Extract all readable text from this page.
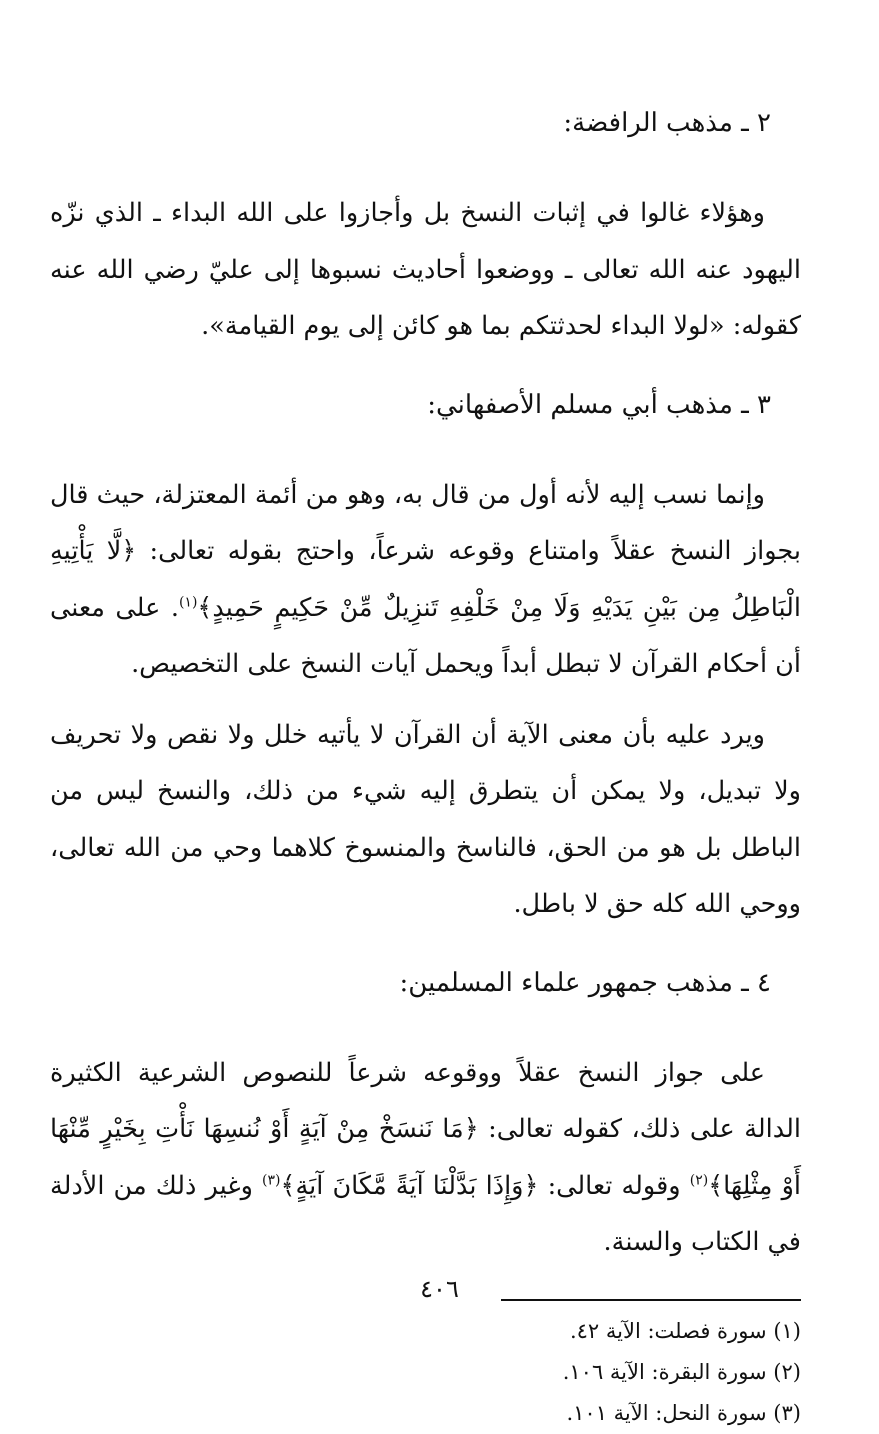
٢ ـ مذهب الرافضة:

وهؤلاء غالوا في إثبات النسخ بل وأجازوا على الله البداء ـ الذي نزّه اليهود عنه الله تعالى ـ ووضعوا أحاديث نسبوها إلى عليّ رضي الله عنه كقوله: «لولا البداء لحدثتكم بما هو كائن إلى يوم القيامة».

٣ ـ مذهب أبي مسلم الأصفهاني:

وإنما نسب إليه لأنه أول من قال به، وهو من أئمة المعتزلة، حيث قال بجواز النسخ عقلاً وامتناع وقوعه شرعاً، واحتج بقوله تعالى: ﴿لَّا يَأْتِيهِ الْبَاطِلُ مِن بَيْنِ يَدَيْهِ وَلَا مِنْ خَلْفِهِ تَنزِيلٌ مِّنْ حَكِيمٍ حَمِيدٍ﴾$^{(١)}$. على معنى أن أحكام القرآن لا تبطل أبداً ويحمل آيات النسخ على التخصيص.

ويرد عليه بأن معنى الآية أن القرآن لا يأتيه خلل ولا نقص ولا تحريف ولا تبديل، ولا يمكن أن يتطرق إليه شيء من ذلك، والنسخ ليس من الباطل بل هو من الحق، فالناسخ والمنسوخ كلاهما وحي من الله تعالى، ووحي الله كله حق لا باطل.

٤ ـ مذهب جمهور علماء المسلمين:

على جواز النسخ عقلاً ووقوعه شرعاً للنصوص الشرعية الكثيرة الدالة على ذلك، كقوله تعالى: ﴿مَا نَنسَخْ مِنْ آيَةٍ أَوْ نُنسِهَا نَأْتِ بِخَيْرٍ مِّنْهَا أَوْ مِثْلِهَا﴾$^{(٢)}$ وقوله تعالى: ﴿وَإِذَا بَدَّلْنَا آيَةً مَّكَانَ آيَةٍ﴾$^{(٣)}$ وغير ذلك من الأدلة في الكتاب والسنة.

(١) سورة فصلت: الآية ٤٢.

(٢) سورة البقرة: الآية ١٠٦.

(٣) سورة النحل: الآية ١٠١.

٤٠٦
